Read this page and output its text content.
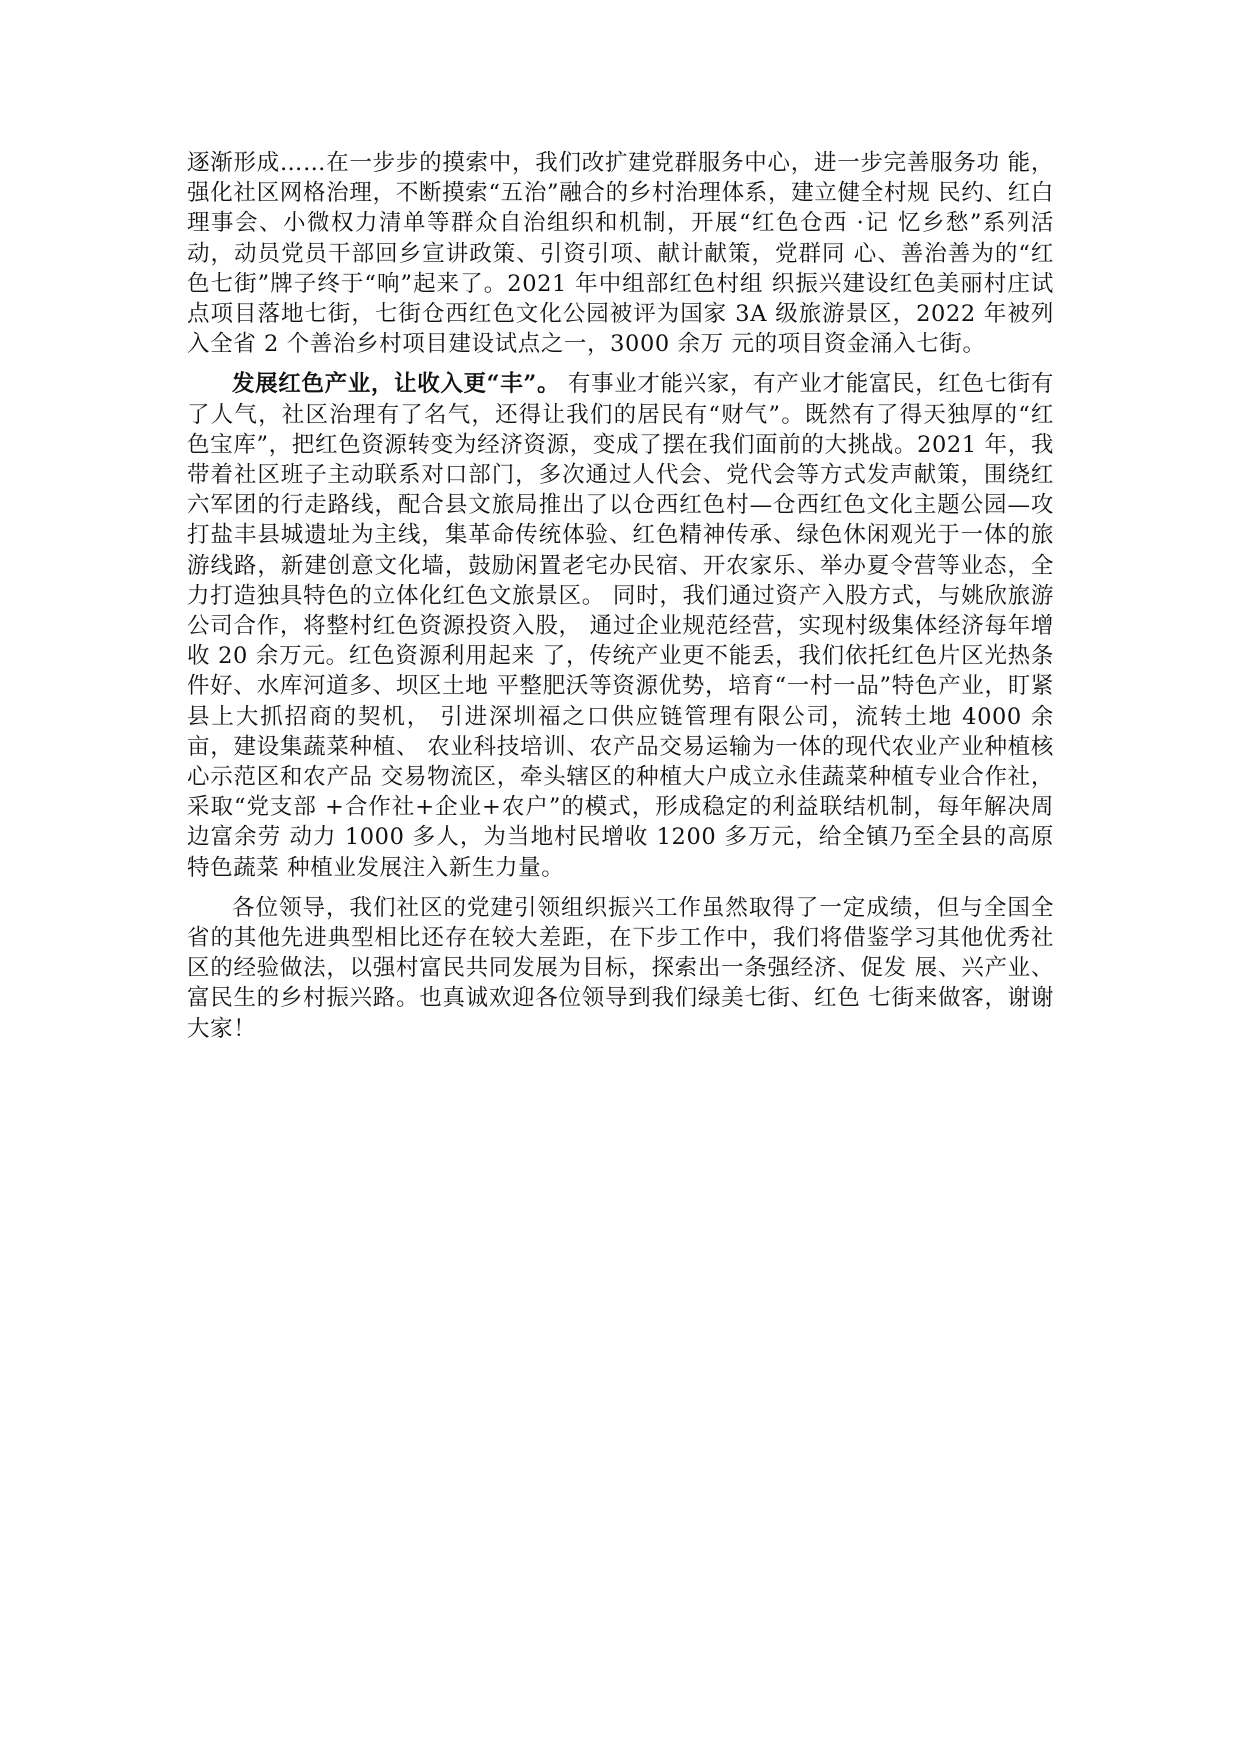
逐渐形成……在一步步的摸索中，我们改扩建党群服务中心，进一步完善服务功 能，强化社区网格治理，不断摸索“五治”融合的乡村治理体系，建立健全村规 民约、红白理事会、小微权力清单等群众自治组织和机制，开展“红色仓西 ·记 忆乡愁”系列活动，动员党员干部回乡宣讲政策、引资引项、献计献策，党群同 心、善治善为的“红色七街”牌子终于“响”起来了。2021 年中组部红色村组 织振兴建设红色美丽村庄试点项目落地七街，七街仓西红色文化公园被评为国家 3A 级旅游景区，2022 年被列入全省 2 个善治乡村项目建设试点之一，3000 余万 元的项目资金涌入七街。

发展红色产业，让收入更“丰”。 有事业才能兴家，有产业才能富民，红色七街有了人气，社区治理有了名气，还得让我们的居民有“财气”。既然有了得天独厚的“红色宝库”，把红色资源转变为经济资源，变成了摆在我们面前的大挑战。2021 年，我带着社区班子主动联系对口部门，多次通过人代会、党代会等方式发声献策，围绕红六军团的行走路线，配合县文旅局推出了以仓西红色村—仓西红色文化主题公园—攻打盐丰县城遗址为主线，集革命传统体验、红色精神传承、绿色休闲观光于一体的旅游线路，新建创意文化墙，鼓励闲置老宅办民宿、开农家乐、举办夏令营等业态，全力打造独具特色的立体化红色文旅景区。 同时，我们通过资产入股方式，与姚欣旅游公司合作，将整村红色资源投资入股， 通过企业规范经营，实现村级集体经济每年增收 20 余万元。红色资源利用起来 了，传统产业更不能丢，我们依托红色片区光热条件好、水库河道多、坝区土地 平整肥沃等资源优势，培育“一村一品”特色产业，盯紧县上大抓招商的契机， 引进深圳福之口供应链管理有限公司，流转土地 4000 余亩，建设集蔬菜种植、 农业科技培训、农产品交易运输为一体的现代农业产业种植核心示范区和农产品 交易物流区，牵头辖区的种植大户成立永佳蔬菜种植专业合作社，采取“党支部 +合作社+企业+农户”的模式，形成稳定的利益联结机制，每年解决周边富余劳 动力 1000 多人，为当地村民增收 1200 多万元，给全镇乃至全县的高原特色蔬菜 种植业发展注入新生力量。

各位领导，我们社区的党建引领组织振兴工作虽然取得了一定成绩，但与全国全省的其他先进典型相比还存在较大差距，在下步工作中，我们将借鉴学习其他优秀社区的经验做法，以强村富民共同发展为目标，探索出一条强经济、促发 展、兴产业、富民生的乡村振兴路。也真诚欢迎各位领导到我们绿美七街、红色 七街来做客，谢谢大家！
